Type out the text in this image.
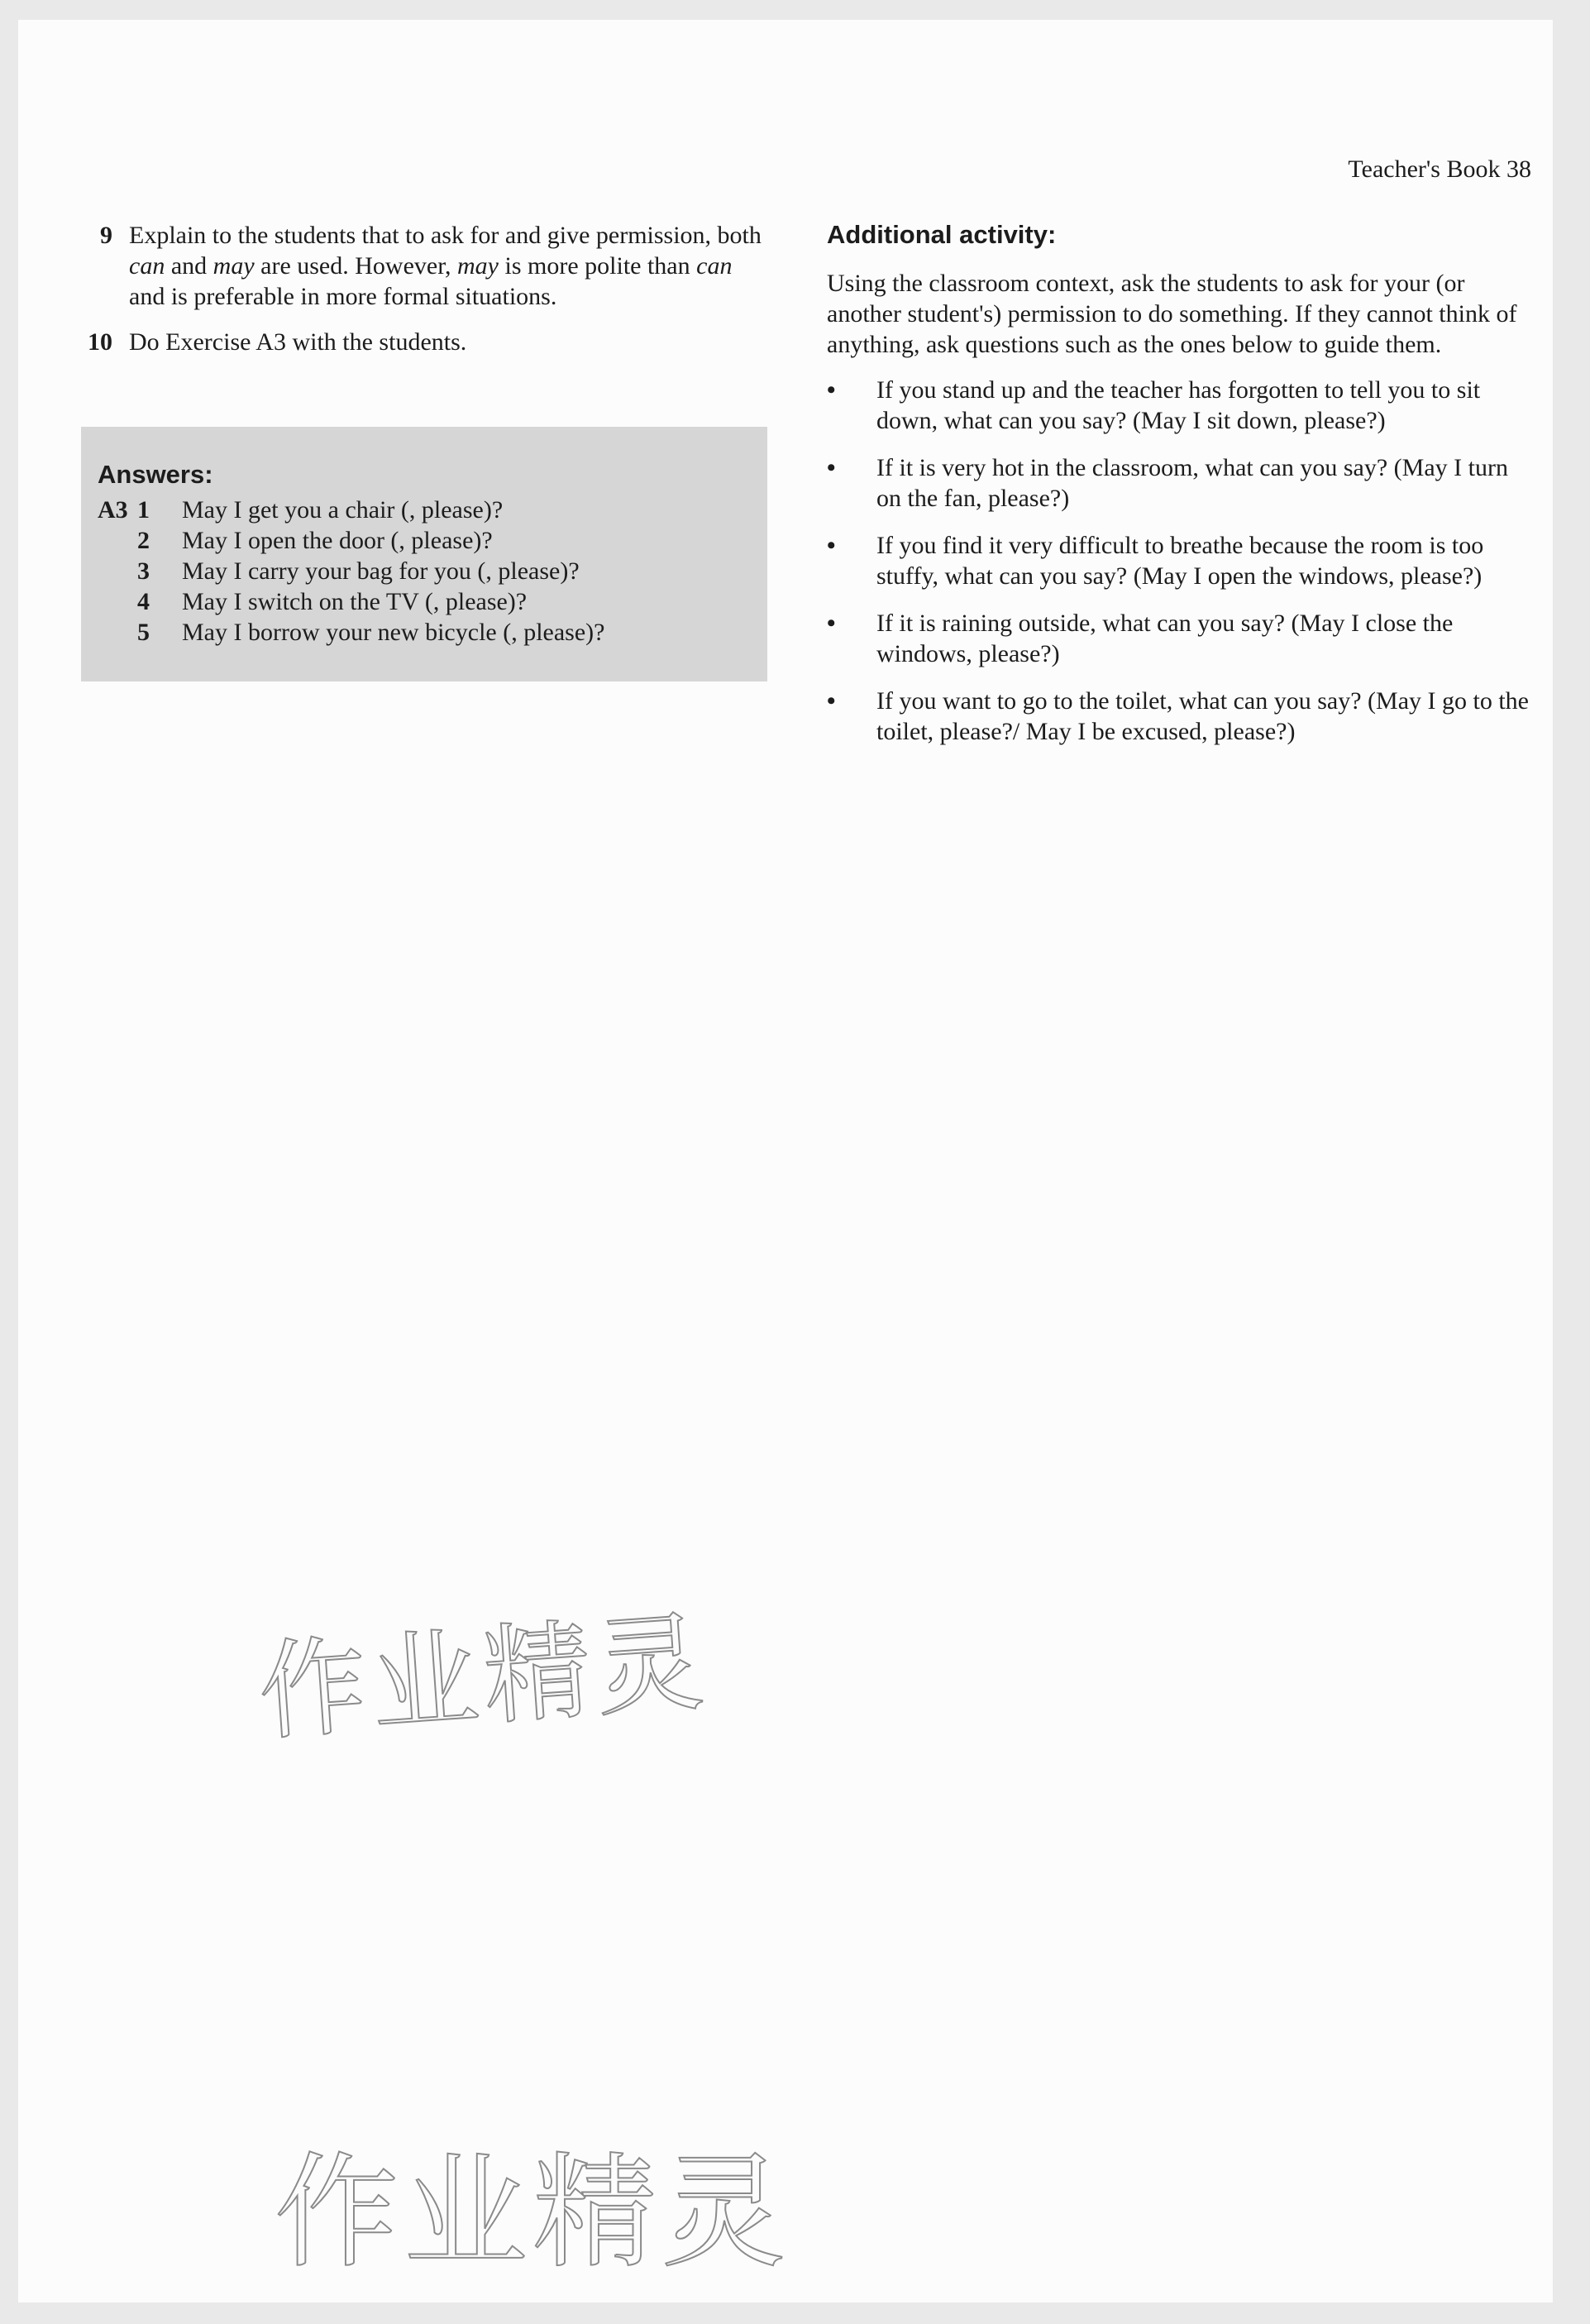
Teacher's Book 38
9 Explain to the students that to ask for and give permission, both can and may are used. However, may is more polite than can and is preferable in more formal situations.
10 Do Exercise A3 with the students.
Answers:
A3 1	May I get you a chair (, please)?
2	May I open the door (, please)?
3	May I carry your bag for you (, please)?
4	May I switch on the TV (, please)?
5	May I borrow your new bicycle (, please)?
Additional activity:
Using the classroom context, ask the students to ask for your (or another student's) permission to do something. If they cannot think of anything, ask questions such as the ones below to guide them.
•	If you stand up and the teacher has forgotten to tell you to sit down, what can you say? (May I sit down, please?)
•	If it is very hot in the classroom, what can you say? (May I turn on the fan, please?)
•	If you find it very difficult to breathe because the room is too stuffy, what can you say? (May I open the windows, please?)
•	If it is raining outside, what can you say? (May I close the windows, please?)
•	If you want to go to the toilet, what can you say? (May I go to the toilet, please?/ May I be excused, please?)
作业精灵
作业精灵
